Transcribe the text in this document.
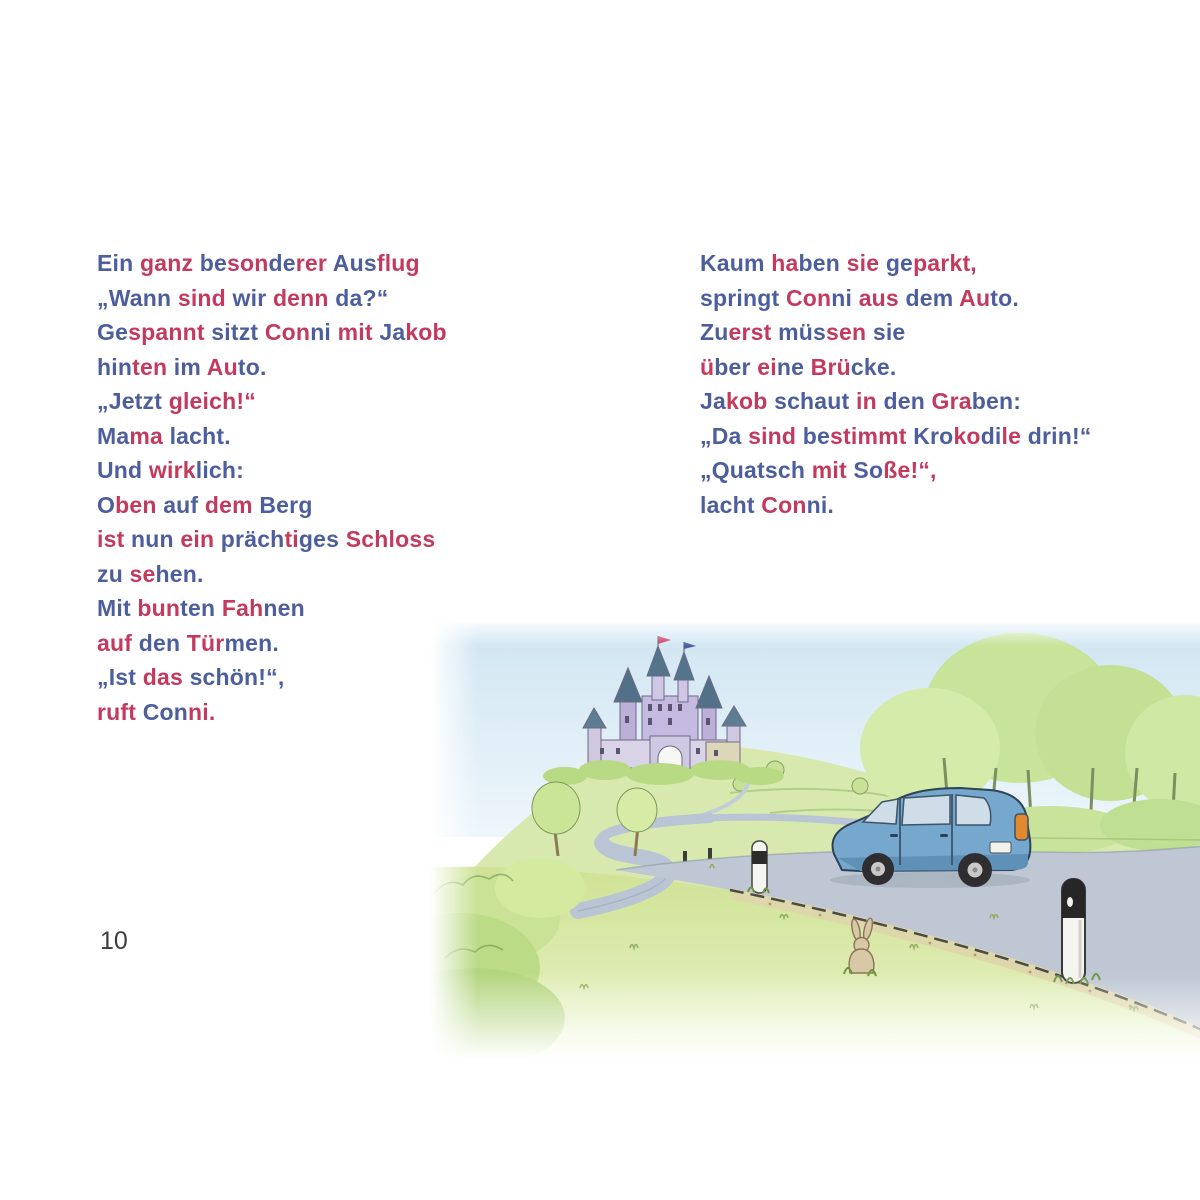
Ein ganz besonderer Ausflug
„Wann sind wir denn da?“
Gespannt sitzt Conni mit Jakob
hinten im Auto.
„Jetzt gleich!“
Mama lacht.
Und wirklich:
Oben auf dem Berg
ist nun ein prächtiges Schloss
zu sehen.
Mit bunten Fahnen
auf den Türmen.
„Ist das schön!“,
ruft Conni.
Kaum haben sie geparkt,
springt Conni aus dem Auto.
Zuerst müssen sie
über eine Brücke.
Jakob schaut in den Graben:
„Da sind bestimmt Krokodile drin!“
„Quatsch mit Soße!“,
lacht Conni.
10
